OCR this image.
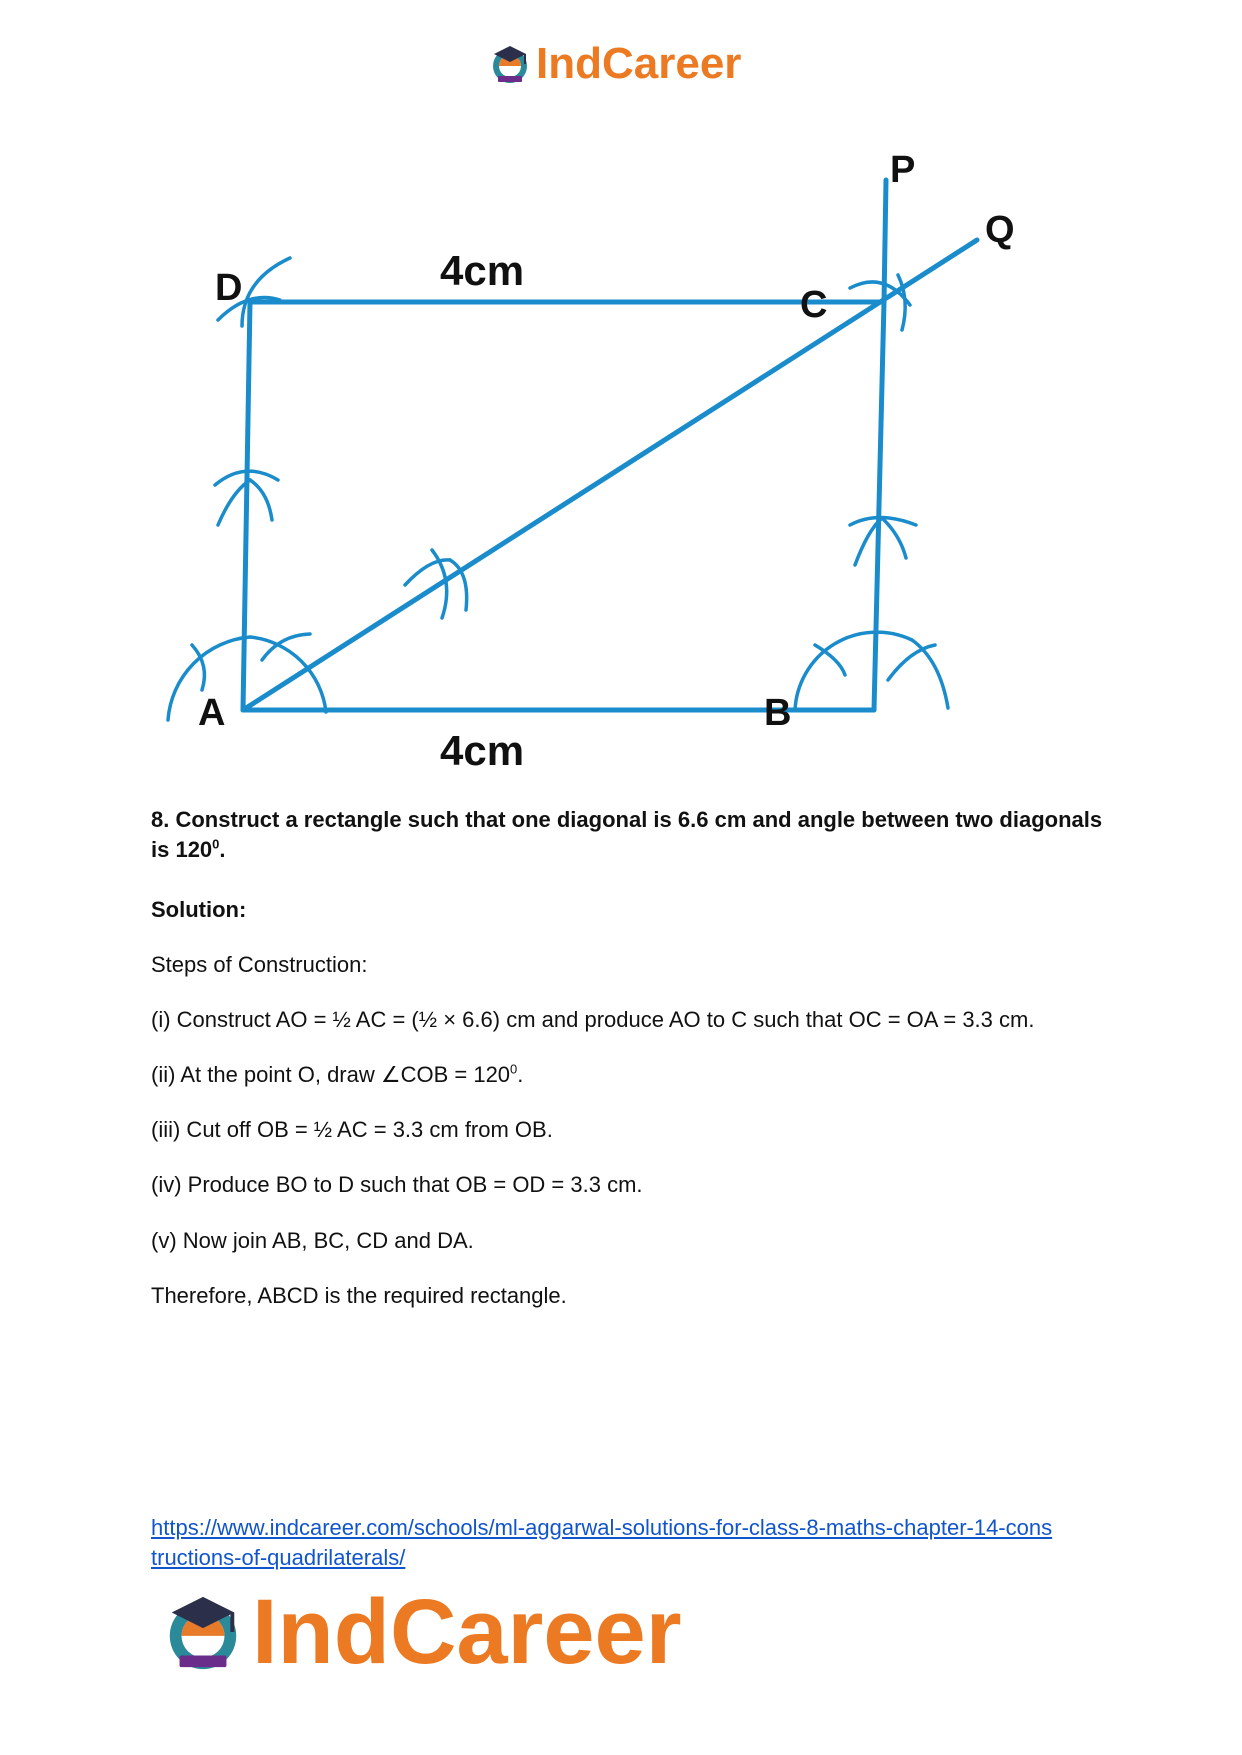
IndCareer
A	B
C
D
P
Q
4cm
4cm
8. Construct a rectangle such that one diagonal is 6.6 cm and angle between two diagonals is $120^0$.
Solution:
Steps of Construction:
(i) Construct AO = ½ AC = (½ × 6.6) cm and produce AO to C such that OC = OA = 3.3 cm.
(ii) At the point O, draw ∠COB = $120^0$.
(iii) Cut off OB = ½ AC = 3.3 cm from OB.
(iv) Produce BO to D such that OB = OD = 3.3 cm.
(v) Now join AB, BC, CD and DA.
Therefore, ABCD is the required rectangle.
https://www.indcareer.com/schools/ml-aggarwal-solutions-for-class-8-maths-chapter-14-cons
tructions-of-quadrilaterals/
IndCareer
